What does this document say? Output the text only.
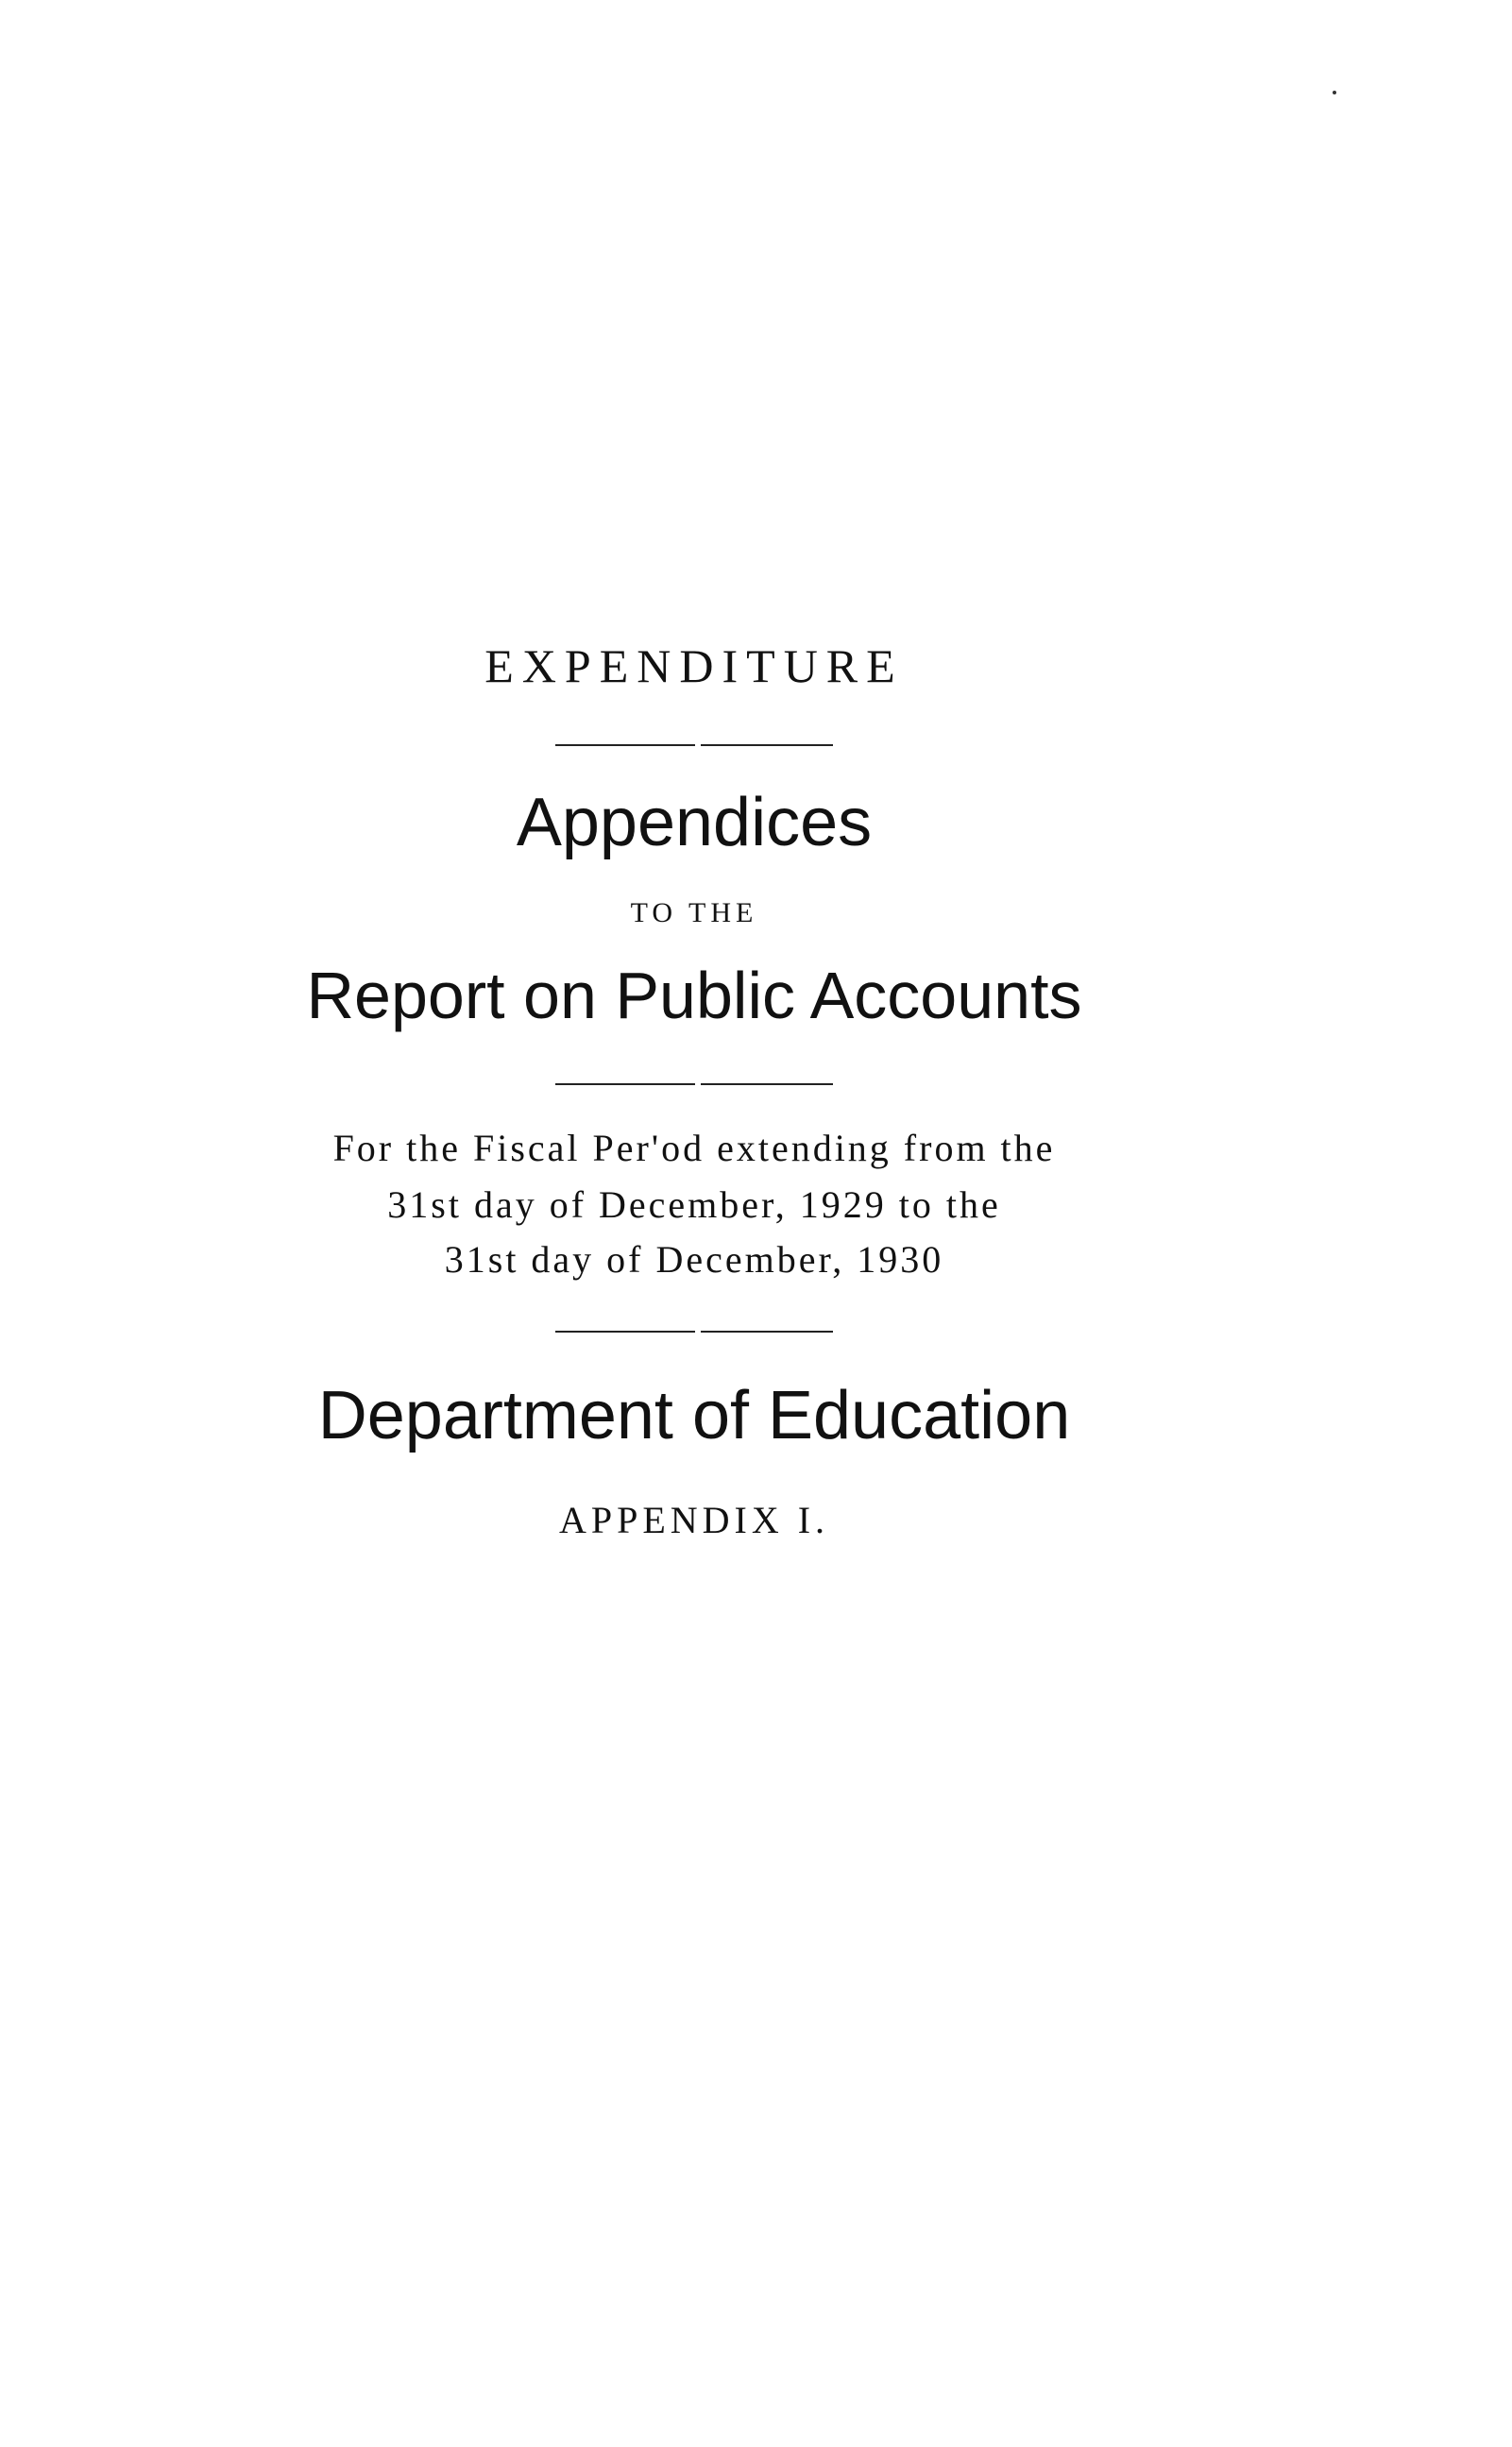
EXPENDITURE
Appendices
TO THE
Report on Public Accounts
For the Fiscal Per'od extending from the
31st day of December, 1929 to the
31st day of December, 1930
Department of Education
APPENDIX I.
